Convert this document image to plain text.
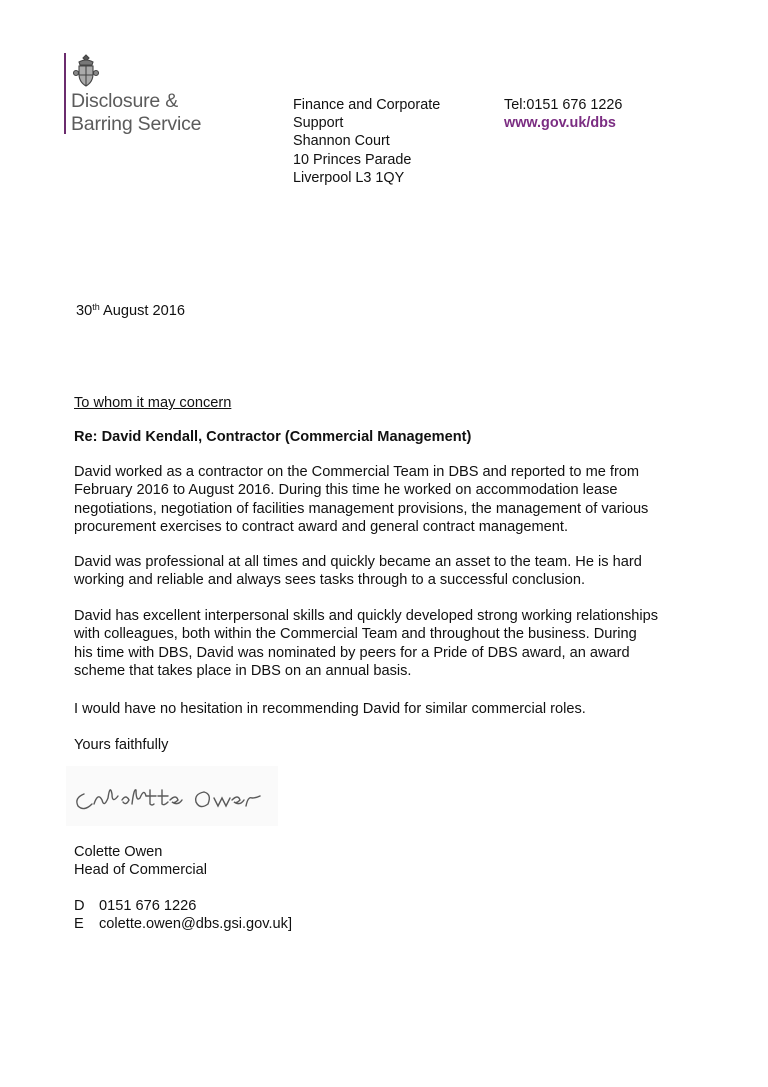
Disclosure &
Barring Service
Finance and Corporate
Support
Shannon Court
10 Princes Parade
Liverpool L3 1QY
Tel:0151 676 1226
www.gov.uk/dbs
30th August 2016
To whom it may concern
Re: David Kendall, Contractor (Commercial Management)
David worked as a contractor on the Commercial Team in DBS and reported to me from
February 2016 to August 2016. During this time he worked on accommodation lease
negotiations, negotiation of facilities management provisions, the management of various
procurement exercises to contract award and general contract management.
David was professional at all times and quickly became an asset to the team. He is hard
working and reliable and always sees tasks through to a successful conclusion.
David has excellent interpersonal skills and quickly developed strong working relationships
with colleagues, both within the Commercial Team and throughout the business. During
his time with DBS, David was nominated by peers for a Pride of DBS award, an award
scheme that takes place in DBS on an annual basis.
I would have no hesitation in recommending David for similar commercial roles.
Yours faithfully
Colette Owen
Head of Commercial
D 0151 676 1226
E colette.owen@dbs.gsi.gov.uk]
